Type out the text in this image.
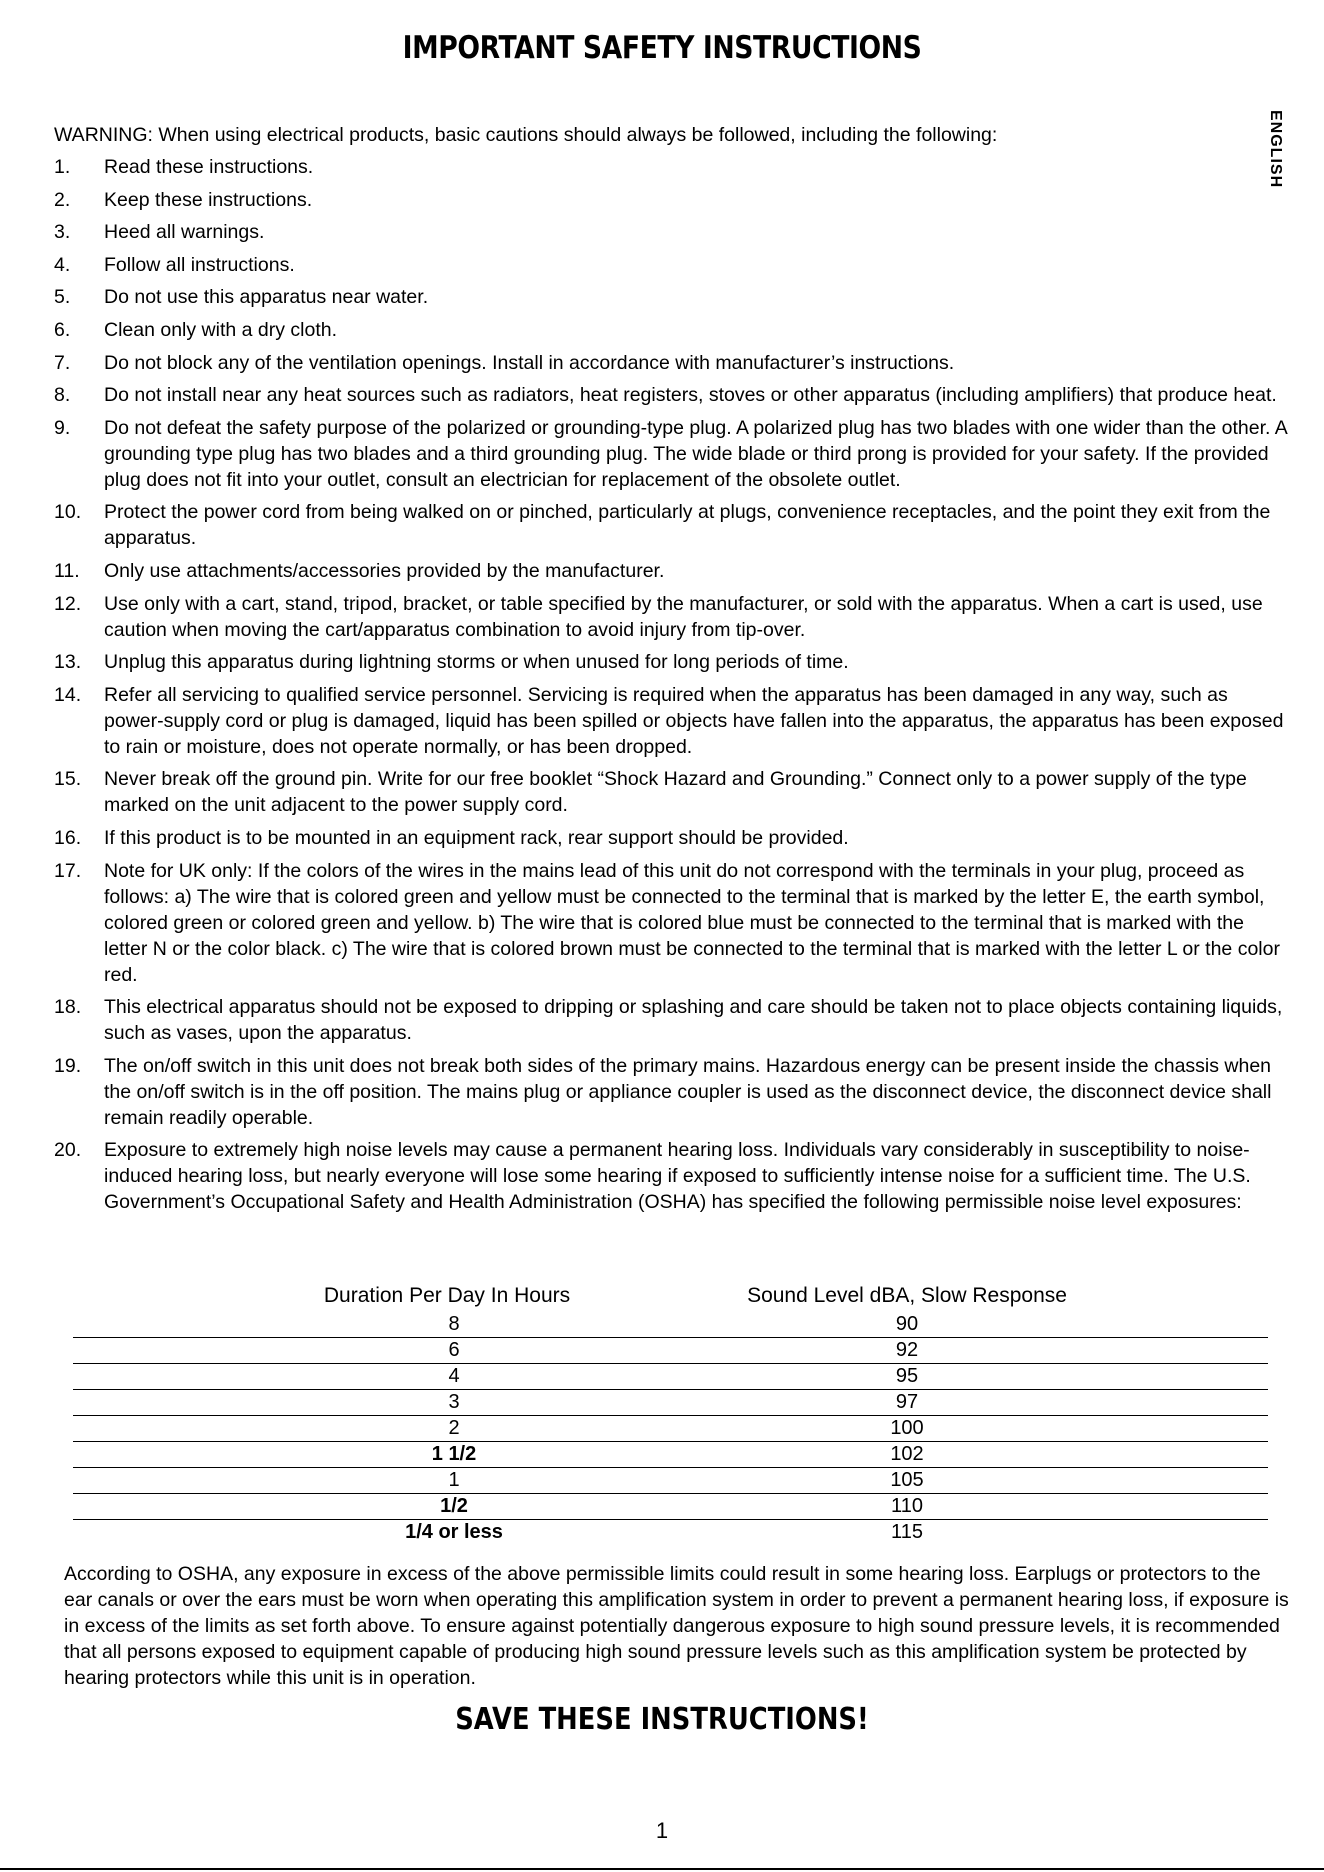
IMPORTANT SAFETY INSTRUCTIONS
ENGLISH
WARNING: When using electrical products, basic cautions should always be followed, including the following:
1. Read these instructions.
2. Keep these instructions.
3. Heed all warnings.
4. Follow all instructions.
5. Do not use this apparatus near water.
6. Clean only with a dry cloth.
7. Do not block any of the ventilation openings. Install in accordance with manufacturer’s instructions.
8. Do not install near any heat sources such as radiators, heat registers, stoves or other apparatus (including amplifiers) that produce heat.
9. Do not defeat the safety purpose of the polarized or grounding-type plug. A polarized plug has two blades with one wider than the other. A grounding type plug has two blades and a third grounding plug. The wide blade or third prong is provided for your safety. If the provided plug does not fit into your outlet, consult an electrician for replacement of the obsolete outlet.
10. Protect the power cord from being walked on or pinched, particularly at plugs, convenience receptacles, and the point they exit from the apparatus.
11. Only use attachments/accessories provided by the manufacturer.
12. Use only with a cart, stand, tripod, bracket, or table specified by the manufacturer, or sold with the apparatus. When a cart is used, use caution when moving the cart/apparatus combination to avoid injury from tip-over.
13. Unplug this apparatus during lightning storms or when unused for long periods of time.
14. Refer all servicing to qualified service personnel. Servicing is required when the apparatus has been damaged in any way, such as power-supply cord or plug is damaged, liquid has been spilled or objects have fallen into the apparatus, the apparatus has been exposed to rain or moisture, does not operate normally, or has been dropped.
15. Never break off the ground pin. Write for our free booklet “Shock Hazard and Grounding.” Connect only to a power supply of the type marked on the unit adjacent to the power supply cord.
16. If this product is to be mounted in an equipment rack, rear support should be provided.
17. Note for UK only: If the colors of the wires in the mains lead of this unit do not correspond with the terminals in your plug, proceed as follows: a) The wire that is colored green and yellow must be connected to the terminal that is marked by the letter E, the earth symbol, colored green or colored green and yellow. b) The wire that is colored blue must be connected to the terminal that is marked with the letter N or the color black. c) The wire that is colored brown must be connected to the terminal that is marked with the letter L or the color red.
18. This electrical apparatus should not be exposed to dripping or splashing and care should be taken not to place objects containing liquids, such as vases, upon the apparatus.
19. The on/off switch in this unit does not break both sides of the primary mains. Hazardous energy can be present inside the chassis when the on/off switch is in the off position. The mains plug or appliance coupler is used as the disconnect device, the disconnect device shall remain readily operable.
20. Exposure to extremely high noise levels may cause a permanent hearing loss. Individuals vary considerably in susceptibility to noise-induced hearing loss, but nearly everyone will lose some hearing if exposed to sufficiently intense noise for a sufficient time. The U.S. Government’s Occupational Safety and Health Administration (OSHA) has specified the following permissible noise level exposures:
Duration Per Day In Hours	Sound Level dBA, Slow Response
8	90
6	92
4	95
3	97
2	100
1 1/2	102
1	105
1/2	110
1/4 or less	115
According to OSHA, any exposure in excess of the above permissible limits could result in some hearing loss. Earplugs or protectors to the ear canals or over the ears must be worn when operating this amplification system in order to prevent a permanent hearing loss, if exposure is in excess of the limits as set forth above. To ensure against potentially dangerous exposure to high sound pressure levels, it is recommended that all persons exposed to equipment capable of producing high sound pressure levels such as this amplification system be protected by hearing protectors while this unit is in operation.
SAVE THESE INSTRUCTIONS!
1
